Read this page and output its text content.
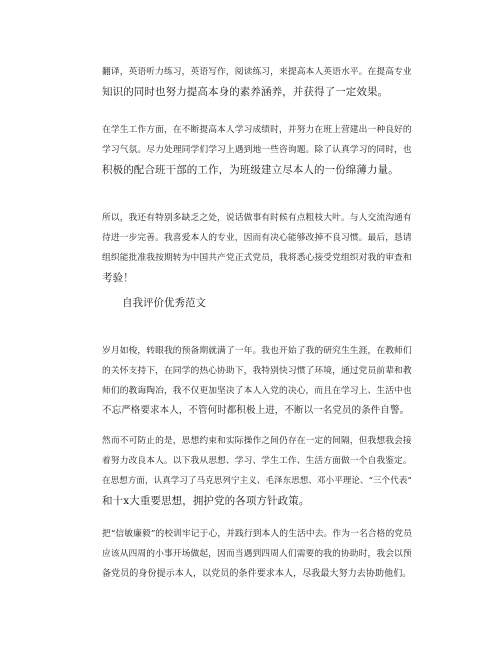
翻译，英语听力练习，英语写作，阅读练习，来提高本人英语水平。在提高专业
知识的同时也努力提高本身的素养涵养，并获得了一定效果。
在学生工作方面，在不断提高本人学习成绩时，并努力在班上营建出一种良好的
学习气氛。尽力处理同学们学习上遇到地一些咨询题。除了认真学习的同时，也
积极的配合班干部的工作，为班级建立尽本人的一份绵薄力量。
所以，我还有特别多缺乏之处，说话做事有时候有点粗枝大叶。与人交流沟通有
待进一步完善。我喜爱本人的专业，因而有决心能够改掉不良习惯。最后，恳请
组织能批准我按期转为中国共产党正式党员，我将悉心接受党组织对我的审查和
考验！
自我评价优秀范文
岁月如梭，转眼我的预备期就满了一年。我也开始了我的研究生生涯，在教师们
的关怀支持下，在同学的热心协助下，我特别快习惯了环境，通过党员前辈和教
师们的教诲陶冶，我不仅更加坚决了本人入党的决心，而且在学习上、生活中也
不忘严格要求本人，不管何时都积极上进，不断以一名党员的条件自警。
然而不可防止的是，思想约束和实际操作之间仍存在一定的间隔，但我想我会接
着努力改良本人。以下我从思想、学习、学生工作、生活方面做一个自我鉴定。
在思想方面，认真学习了马克思列宁主义、毛泽东思想、邓小平理论、“三个代表”
和十x大重要思想，拥护党的各项方针政策。
把“信敏廉毅”的校训牢记于心，并践行到本人的生活中去。作为一名合格的党员
应该从四周的小事开场做起，因而当遇到四周人们需要的我的协助时，我会以预
备党员的身份提示本人，以党员的条件要求本人，尽我最大努力去协助他们。
